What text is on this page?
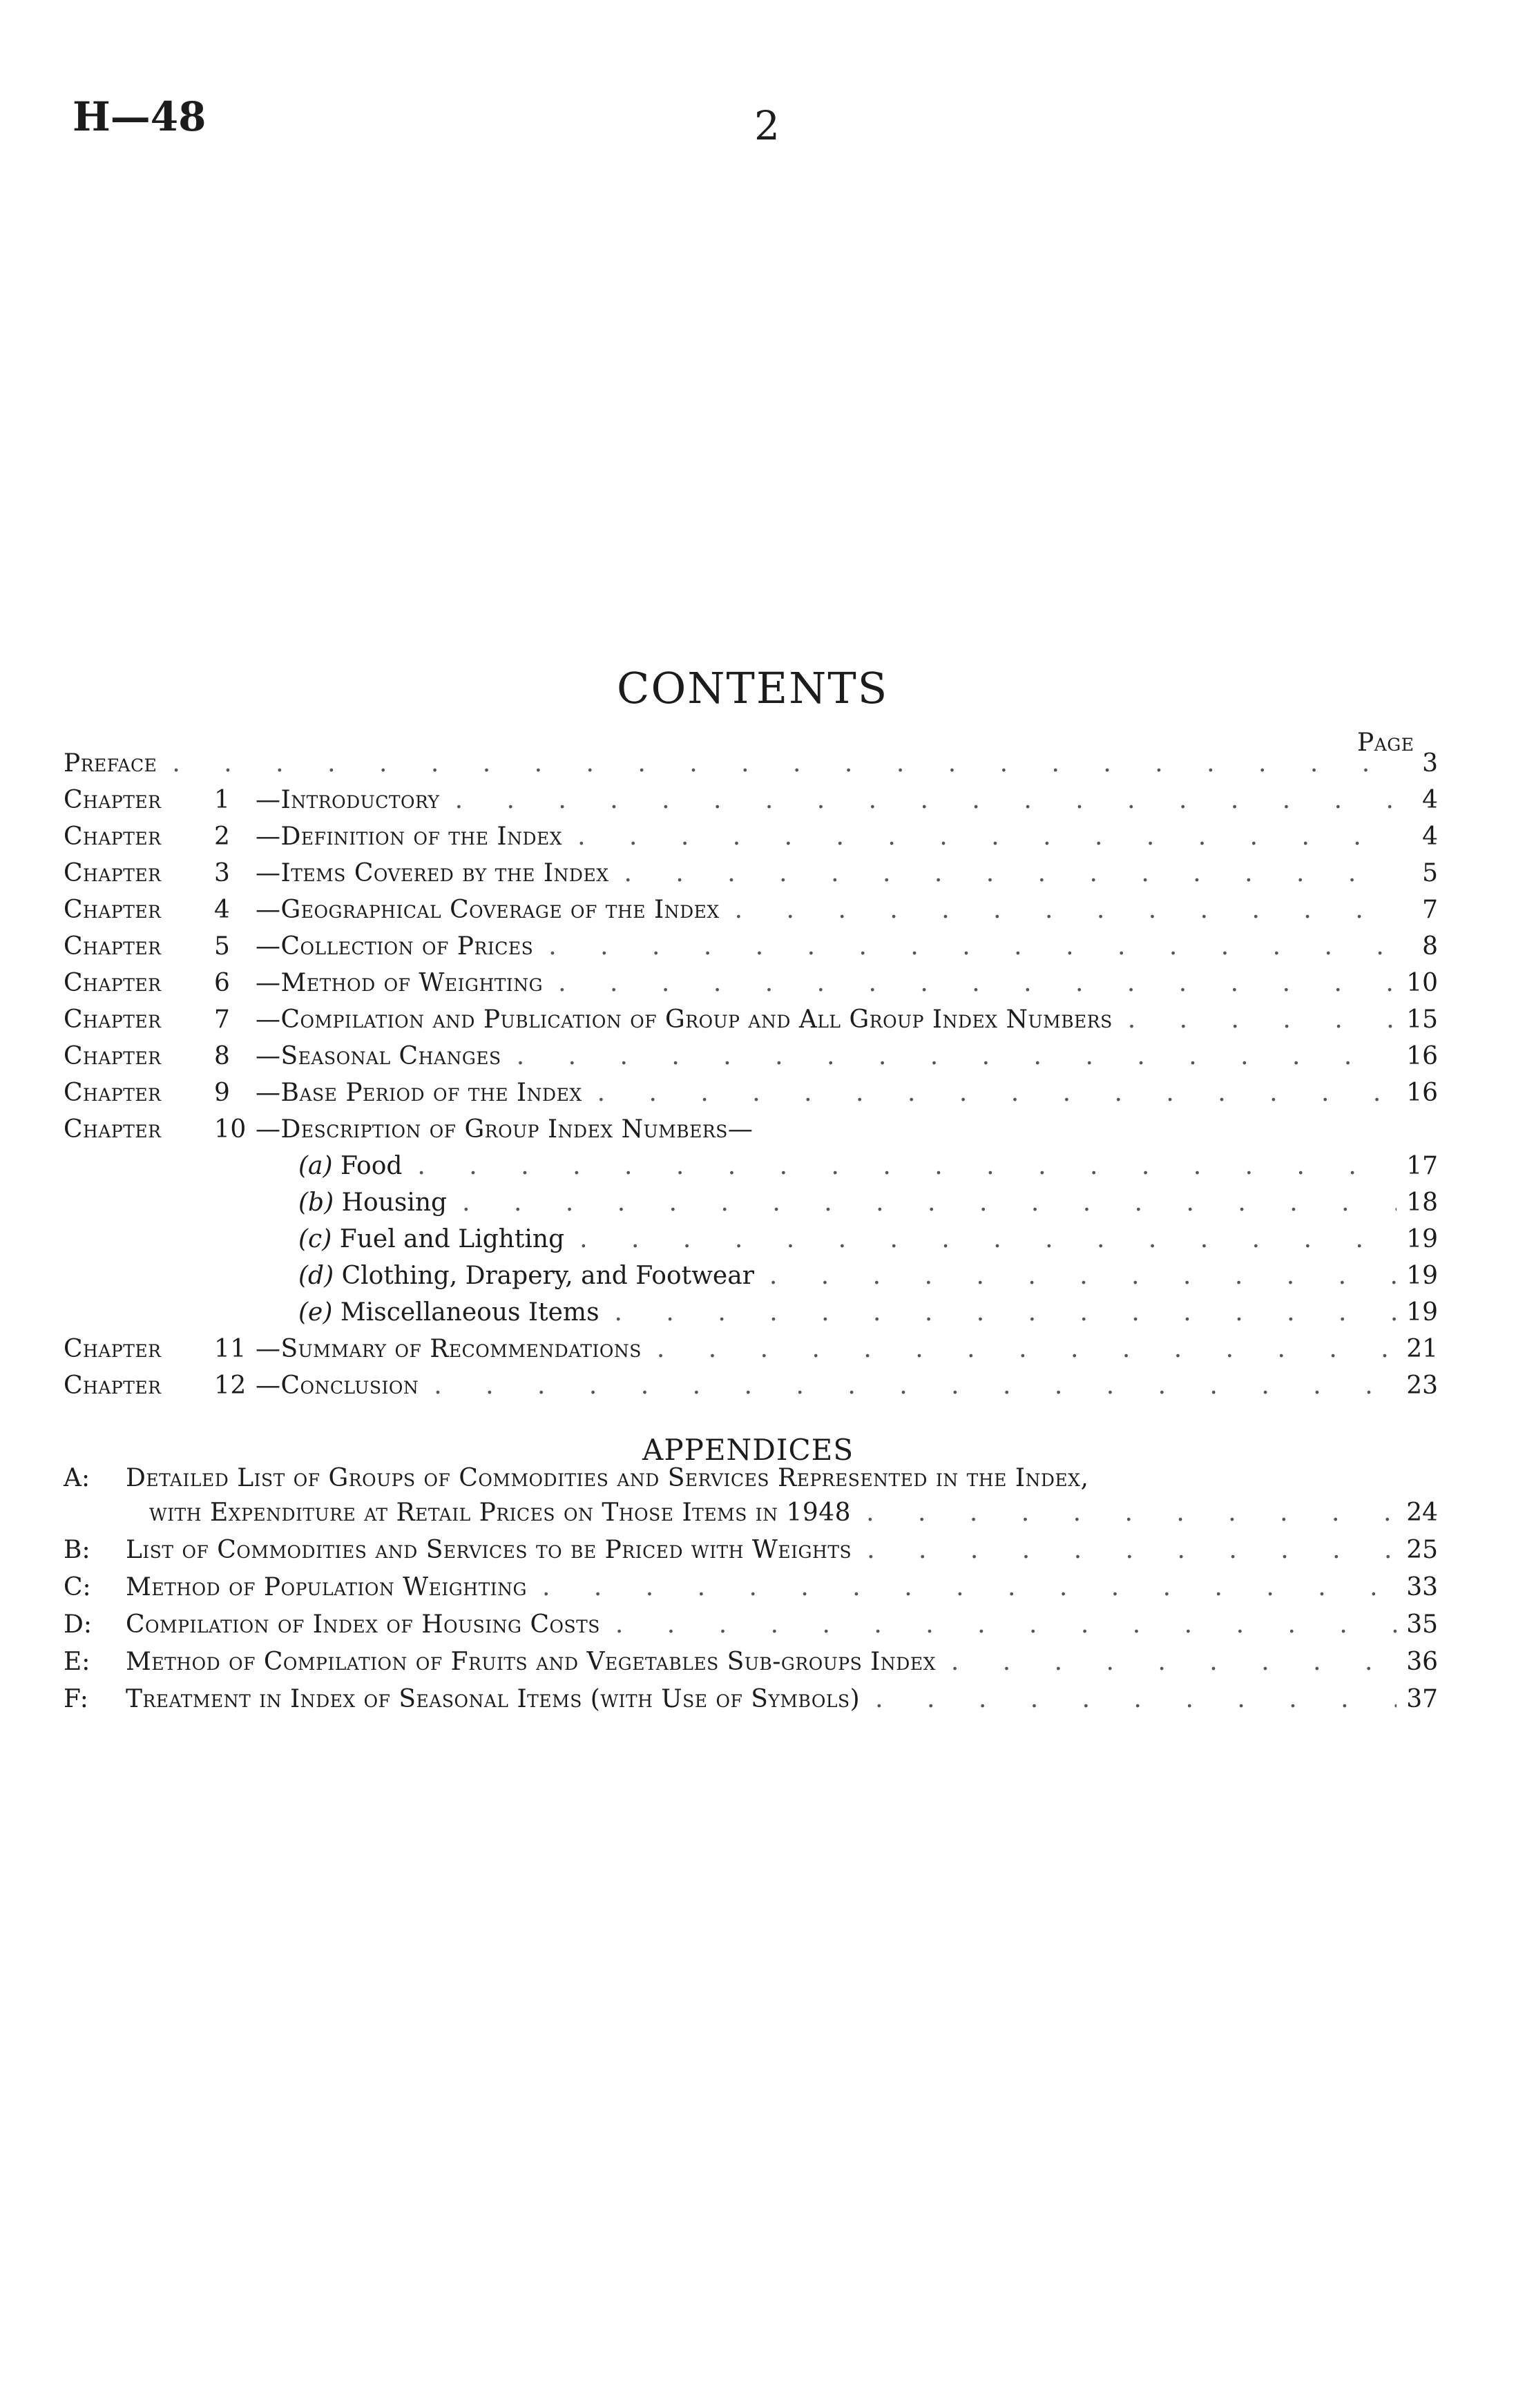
H—48	2
CONTENTS
Page
Preface . . .	3
Chapter 1 —Introductory . . .	4
Chapter 2 —Definition of the Index . . .	4
Chapter 3 —Items Covered by the Index . . .	5
Chapter 4 —Geographical Coverage of the Index . . .	7
Chapter 5 —Collection of Prices . . .	8
Chapter 6 —Method of Weighting . . .	10
Chapter 7 —Compilation and Publication of Group and All Group Index Numbers . . .	15
Chapter 8 —Seasonal Changes . . .	16
Chapter 9 —Base Period of the Index . . .	16
Chapter 10 —Description of Group Index Numbers—
(a) Food . . .	17
(b) Housing . . .	18
(c) Fuel and Lighting . . .	19
(d) Clothing, Drapery, and Footwear . . .	19
(e) Miscellaneous Items . . .	19
Chapter 11 —Summary of Recommendations . . .	21
Chapter 12 —Conclusion . . .	23
APPENDICES
A:	Detailed List of Groups of Commodities and Services Represented in the Index,
with Expenditure at Retail Prices on Those Items in 1948 . . .	24
B:	List of Commodities and Services to be Priced with Weights . . .	25
C:	Method of Population Weighting . . .	33
D:	Compilation of Index of Housing Costs . . .	35
E:	Method of Compilation of Fruits and Vegetables Sub-groups Index . . .	36
F:	Treatment in Index of Seasonal Items (with Use of Symbols) . . .	37
